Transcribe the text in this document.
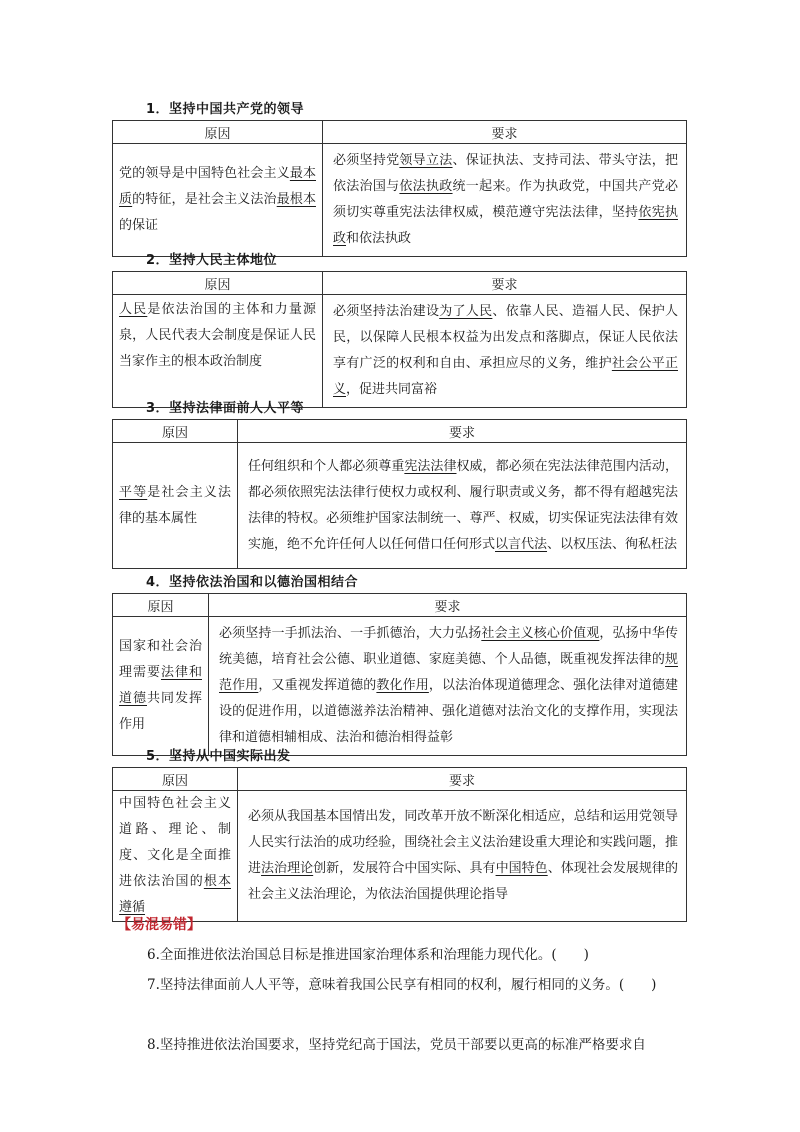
1．坚持中国共产党的领导
原因	要求
党的领导是中国特色社会主义最本质的特征，是社会主义法治最根本的保证	必须坚持党领导立法、保证执法、支持司法、带头守法，把依法治国与依法执政统一起来。作为执政党，中国共产党必须切实尊重宪法法律权威，模范遵守宪法法律，坚持依宪执政和依法执政
2．坚持人民主体地位
原因	要求
人民是依法治国的主体和力量源泉，人民代表大会制度是保证人民当家作主的根本政治制度	必须坚持法治建设为了人民、依靠人民、造福人民、保护人民，以保障人民根本权益为出发点和落脚点，保证人民依法享有广泛的权利和自由、承担应尽的义务，维护社会公平正义，促进共同富裕
3．坚持法律面前人人平等
原因	要求
平等是社会主义法律的基本属性	任何组织和个人都必须尊重宪法法律权威，都必须在宪法法律范围内活动，都必须依照宪法法律行使权力或权利、履行职责或义务，都不得有超越宪法法律的特权。必须维护国家法制统一、尊严、权威，切实保证宪法法律有效实施，绝不允许任何人以任何借口任何形式以言代法、以权压法、徇私枉法
4．坚持依法治国和以德治国相结合
原因	要求
国家和社会治理需要法律和道德共同发挥作用	必须坚持一手抓法治、一手抓德治，大力弘扬社会主义核心价值观，弘扬中华传统美德，培育社会公德、职业道德、家庭美德、个人品德，既重视发挥法律的规范作用，又重视发挥道德的教化作用，以法治体现道德理念、强化法律对道德建设的促进作用，以道德滋养法治精神、强化道德对法治文化的支撑作用，实现法律和道德相辅相成、法治和德治相得益彰
5．坚持从中国实际出发
原因	要求
中国特色社会主义道路、理论、制度、文化是全面推进依法治国的根本遵循	必须从我国基本国情出发，同改革开放不断深化相适应，总结和运用党领导人民实行法治的成功经验，围绕社会主义法治建设重大理论和实践问题，推进法治理论创新，发展符合中国实际、具有中国特色、体现社会发展规律的社会主义法治理论，为依法治国提供理论指导
【易混易错】
6.全面推进依法治国总目标是推进国家治理体系和治理能力现代化。(　　)
7.坚持法律面前人人平等，意味着我国公民享有相同的权利，履行相同的义务。(　　)
8.坚持推进依法治国要求，坚持党纪高于国法，党员干部要以更高的标准严格要求自
